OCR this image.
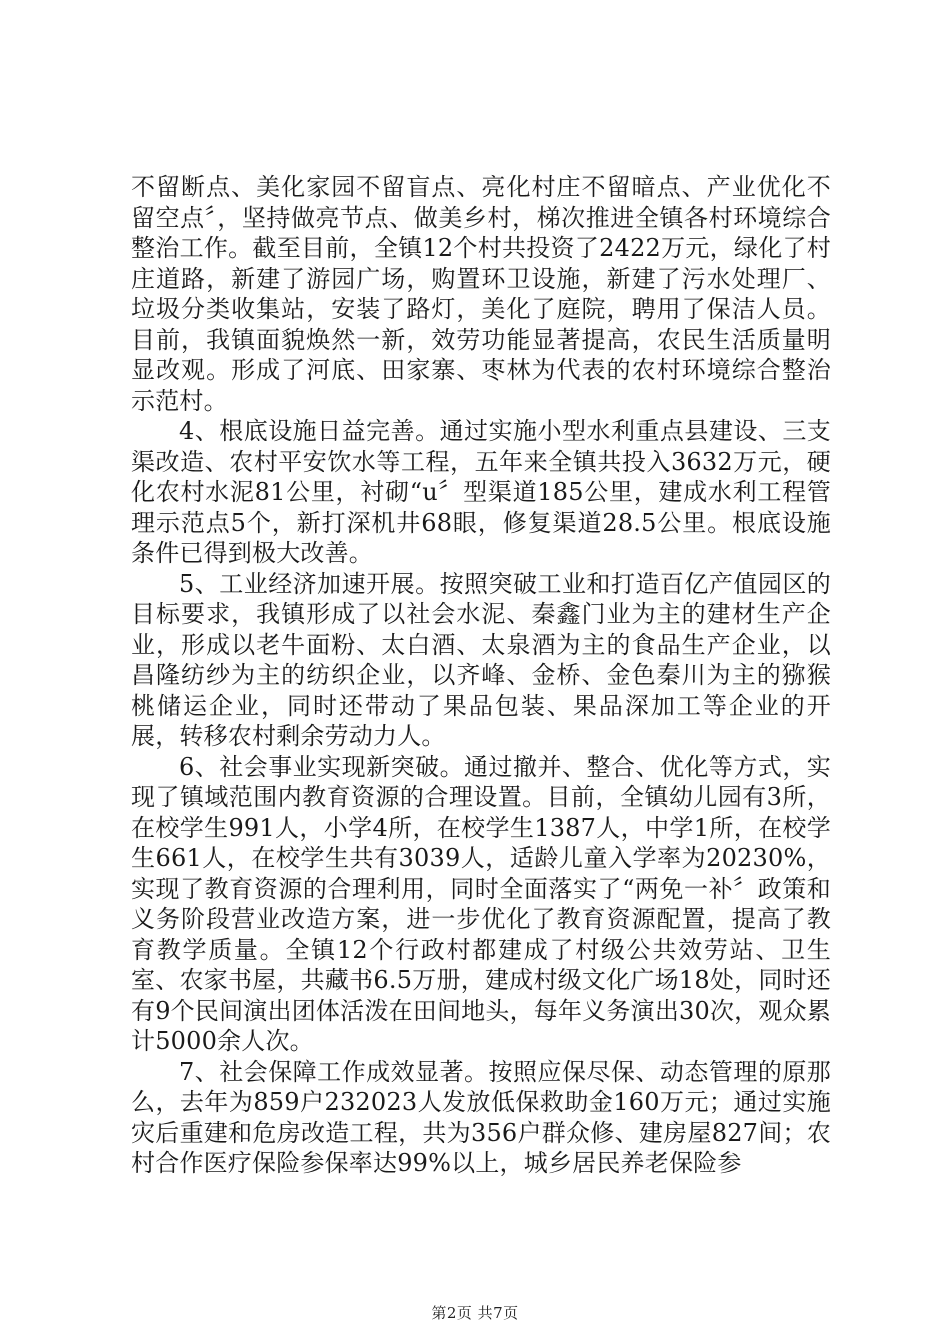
不留断点、美化家园不留盲点、亮化村庄不留暗点、产业优化不留空点〞，坚持做亮节点、做美乡村，梯次推进全镇各村环境综合整治工作。截至目前，全镇12个村共投资了2422万元，绿化了村庄道路，新建了游园广场，购置环卫设施，新建了污水处理厂、垃圾分类收集站，安装了路灯，美化了庭院，聘用了保洁人员。目前，我镇面貌焕然一新，效劳功能显著提高，农民生活质量明显改观。形成了河底、田家寨、枣林为代表的农村环境综合整治示范村。

4、根底设施日益完善。通过实施小型水利重点县建设、三支渠改造、农村平安饮水等工程，五年来全镇共投入3632万元，硬化农村水泥81公里，衬砌“u〞型渠道185公里，建成水利工程管理示范点5个，新打深机井68眼，修复渠道28.5公里。根底设施条件已得到极大改善。

5、工业经济加速开展。按照突破工业和打造百亿产值园区的目标要求，我镇形成了以社会水泥、秦鑫门业为主的建材生产企业，形成以老牛面粉、太白酒、太泉酒为主的食品生产企业，以昌隆纺纱为主的纺织企业，以齐峰、金桥、金色秦川为主的猕猴桃储运企业，同时还带动了果品包装、果品深加工等企业的开展，转移农村剩余劳动力人。

6、社会事业实现新突破。通过撤并、整合、优化等方式，实现了镇域范围内教育资源的合理设置。目前，全镇幼儿园有3所，在校学生991人，小学4所，在校学生1387人，中学1所，在校学生661人，在校学生共有3039人，适龄儿童入学率为20230%，实现了教育资源的合理利用，同时全面落实了“两免一补〞政策和义务阶段营业改造方案，进一步优化了教育资源配置，提高了教育教学质量。全镇12个行政村都建成了村级公共效劳站、卫生室、农家书屋，共藏书6.5万册，建成村级文化广场18处，同时还有9个民间演出团体活泼在田间地头，每年义务演出30次，观众累计5000余人次。

7、社会保障工作成效显著。按照应保尽保、动态管理的原那么，去年为859户232023人发放低保救助金160万元；通过实施灾后重建和危房改造工程，共为356户群众修、建房屋827间；农村合作医疗保险参保率达99%以上，城乡居民养老保险参

第2页 共7页
